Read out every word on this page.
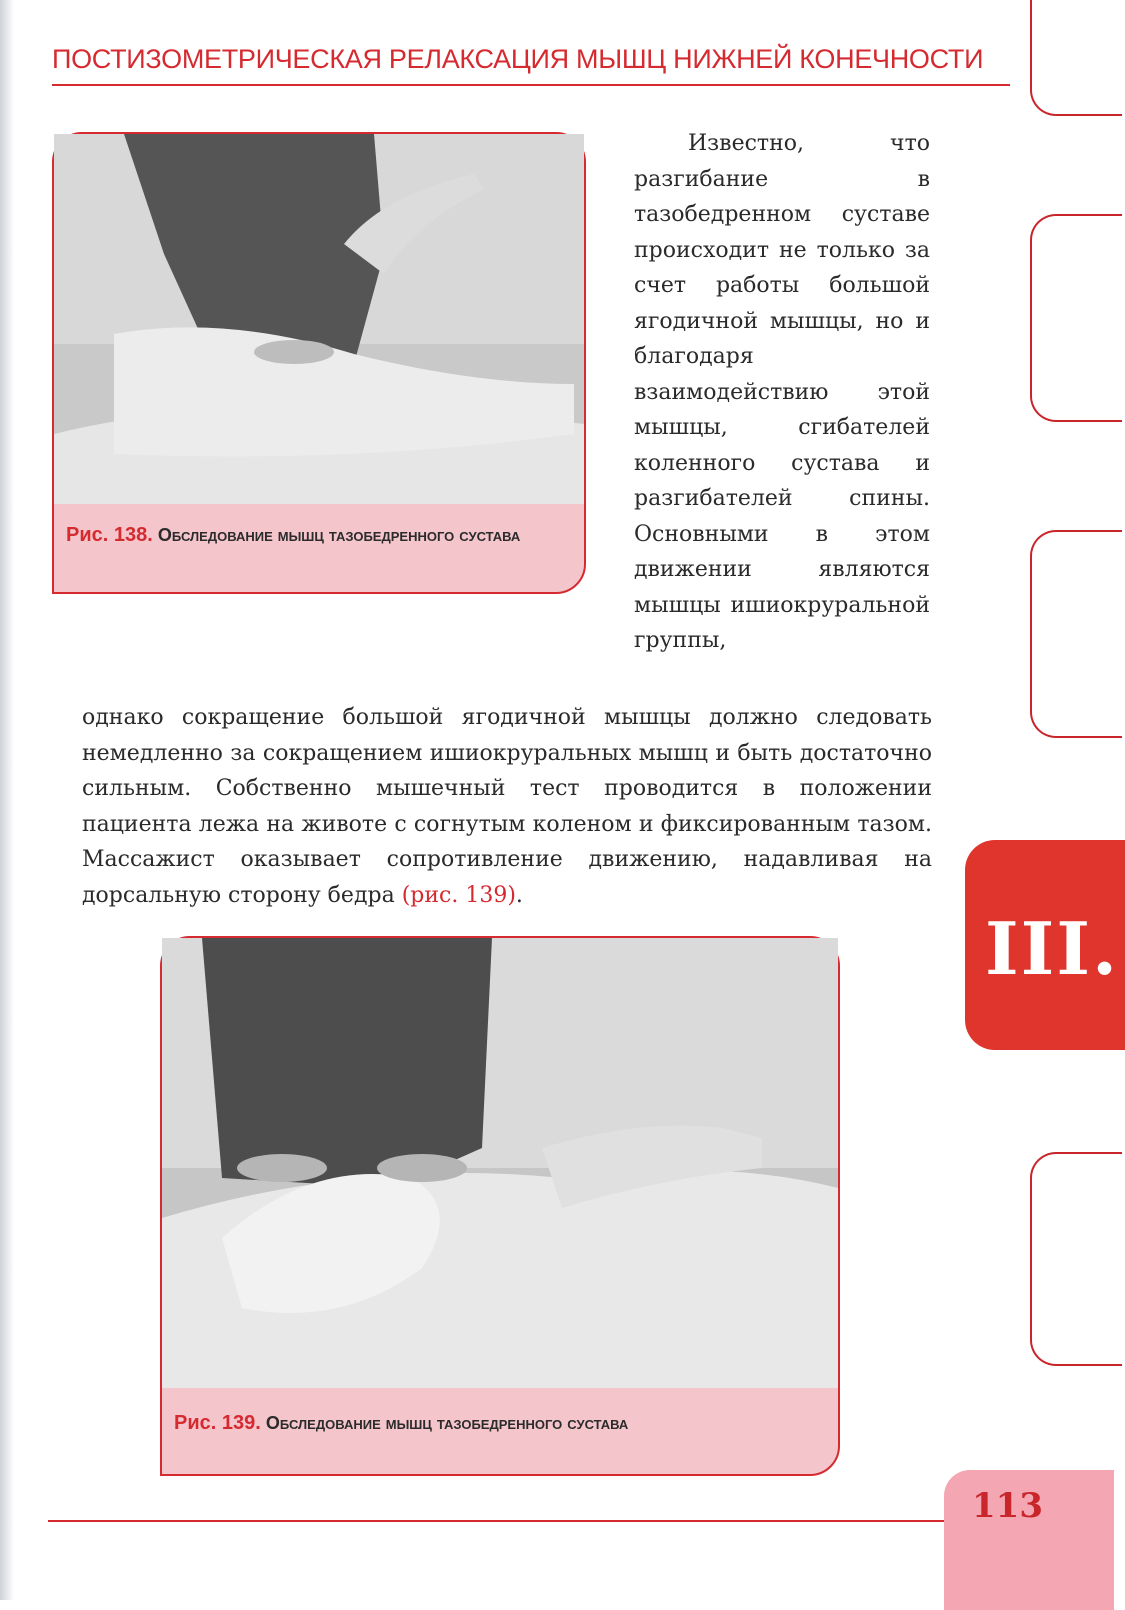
ПОСТИЗОМЕТРИЧЕСКАЯ РЕЛАКСАЦИЯ МЫШЦ НИЖНЕЙ КОНЕЧНОСТИ
III.
Рис. 138. Обследование мышц тазобедренного сустава

Известно, что разгибание в тазобедренном суставе происходит не только за счет работы большой ягодичной мышцы, но и благодаря взаимодействию этой мышцы, сгибателей коленного сустава и разгибателей спины. Основными в этом движении являются мышцы ишиокруральной группы,

однако сокращение большой ягодичной мышцы должно следовать немедленно за сокращением ишиокруральных мышц и быть достаточно сильным. Собственно мышечный тест проводится в положении пациента лежа на животе с согнутым коленом и фиксированным тазом. Массажист оказывает сопротивление движению, надавливая на дорсальную сторону бедра (рис. 139).

Рис. 139. Обследование мышц тазобедренного сустава
113
